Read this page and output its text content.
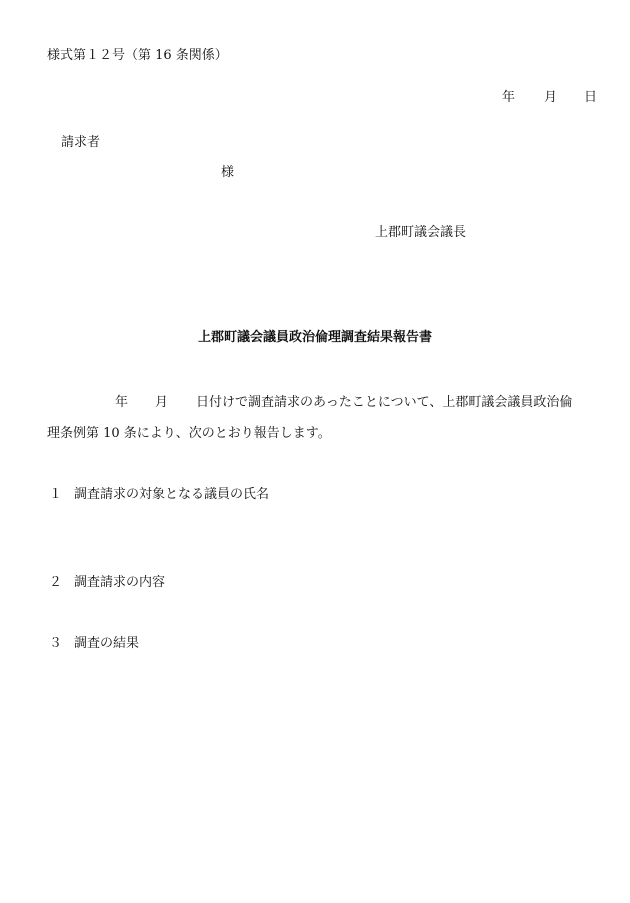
様式第１２号（第 16 条関係）
年 月 日
請求者
様
上郡町議会議長
上郡町議会議員政治倫理調査結果報告書
年 月 日付けで調査請求のあったことについて、上郡町議会議員政治倫
理条例第 10 条により、次のとおり報告します。
１ 調査請求の対象となる議員の氏名
２ 調査請求の内容
３ 調査の結果
